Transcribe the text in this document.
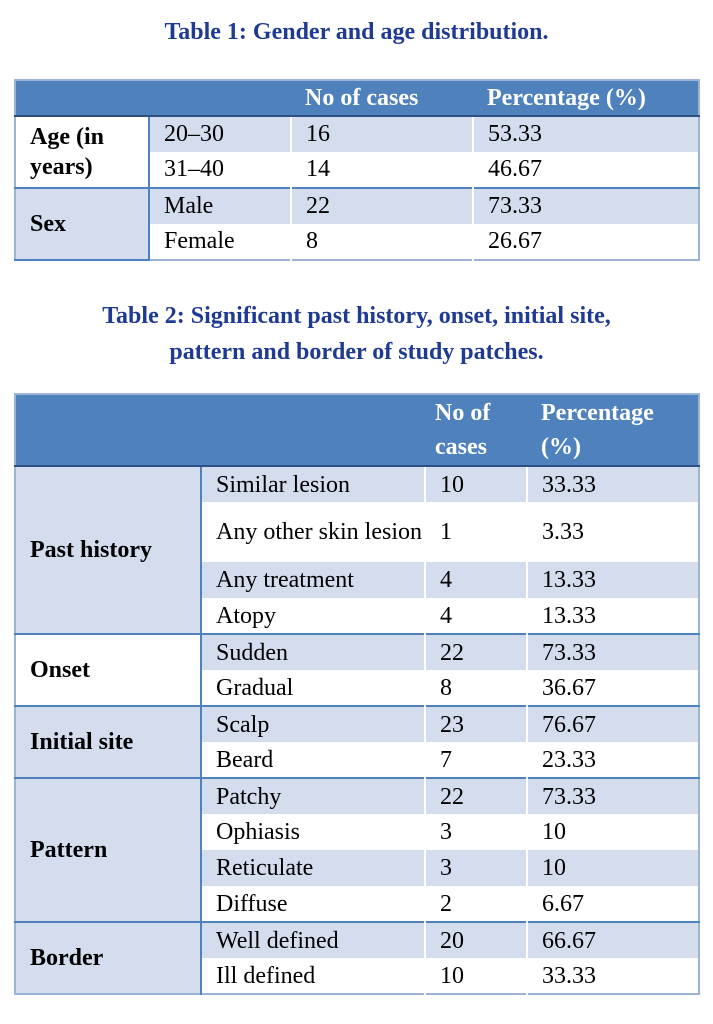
Table 1: Gender and age distribution.
		No of cases	Percentage (%)
Age (in years)	20–30	16	53.33
	31–40	14	46.67
Sex	Male	22	73.33
	Female	8	26.67
Table 2: Significant past history, onset, initial site,
pattern and border of study patches.
		No of cases	Percentage (%)
Past history	Similar lesion	10	33.33
	Any other skin lesion	1	3.33
	Any treatment	4	13.33
	Atopy	4	13.33
Onset	Sudden	22	73.33
	Gradual	8	36.67
Initial site	Scalp	23	76.67
	Beard	7	23.33
Pattern	Patchy	22	73.33
	Ophiasis	3	10
	Reticulate	3	10
	Diffuse	2	6.67
Border	Well defined	20	66.67
	Ill defined	10	33.33
